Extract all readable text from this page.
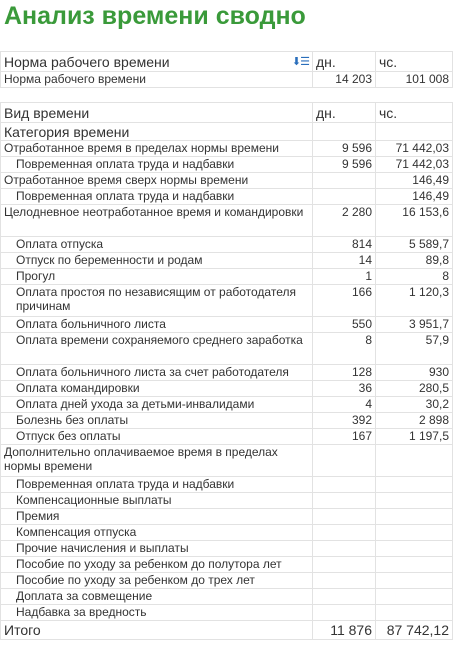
Анализ времени сводно
Норма рабочего времени ⬇☰	дн.	чс.
Норма рабочего времени	14 203	101 008
Вид времени	дн.	чс.
Категория времени		
Отработанное время в пределах нормы времени	9 596	71 442,03
Повременная оплата труда и надбавки	9 596	71 442,03
Отработанное время сверх нормы времени		146,49
Повременная оплата труда и надбавки		146,49
Целодневное неотработанное время и командировки	2 280	16 153,6
Оплата отпуска	814	5 589,7
Отпуск по беременности и родам	14	89,8
Прогул	1	8
Оплата простоя по независящим от работодателя причинам	166	1 120,3
Оплата больничного листа	550	3 951,7
Оплата времени сохраняемого среднего заработка	8	57,9
Оплата больничного листа за счет работодателя	128	930
Оплата командировки	36	280,5
Оплата дней ухода за детьми-инвалидами	4	30,2
Болезнь без оплаты	392	2 898
Отпуск без оплаты	167	1 197,5
Дополнительно оплачиваемое время в пределах нормы времени		
Повременная оплата труда и надбавки		
Компенсационные выплаты		
Премия		
Компенсация отпуска		
Прочие начисления и выплаты		
Пособие по уходу за ребенком до полутора лет		
Пособие по уходу за ребенком до трех лет		
Доплата за совмещение		
Надбавка за вредность		
Итого	11 876	87 742,12
